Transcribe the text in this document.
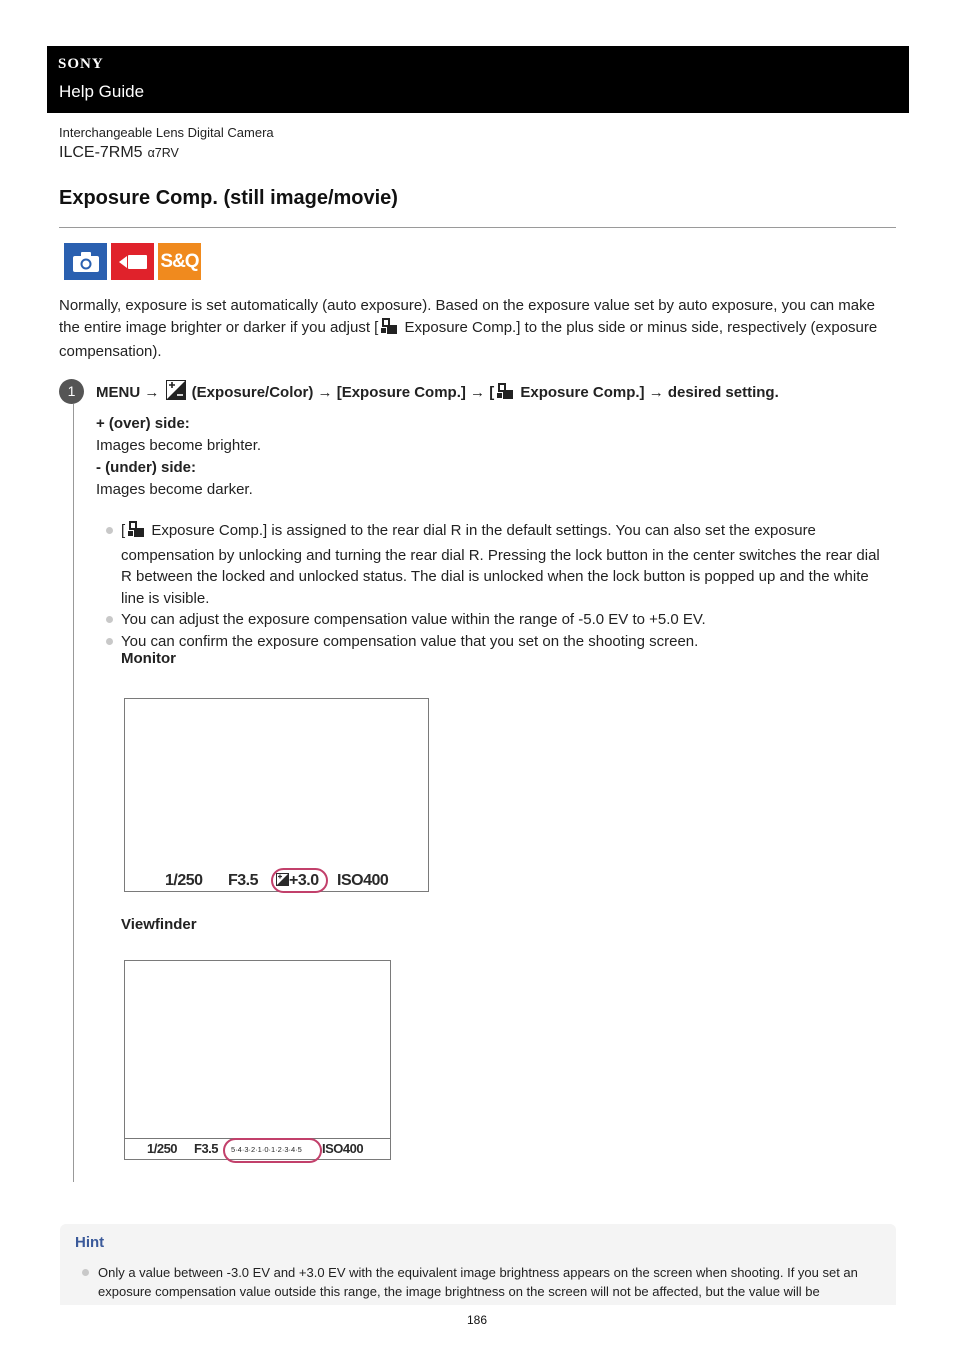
SONY
Help Guide
Interchangeable Lens Digital Camera
ILCE-7RM5 α7RV
Exposure Comp. (still image/movie)
S&Q
Normally, exposure is set automatically (auto exposure). Based on the exposure value set by auto exposure, you can make the entire image brighter or darker if you adjust [ Exposure Comp.] to the plus side or minus side, respectively (exposure compensation).
1	MENU →  (Exposure/Color) → [Exposure Comp.] → [ Exposure Comp.] → desired setting.
+ (over) side:
Images become brighter.
- (under) side:
Images become darker.
[ Exposure Comp.] is assigned to the rear dial R in the default settings. You can also set the exposure compensation by unlocking and turning the rear dial R. Pressing the lock button in the center switches the rear dial R between the locked and unlocked status. The dial is unlocked when the lock button is popped up and the white line is visible.
You can adjust the exposure compensation value within the range of -5.0 EV to +5.0 EV.
You can confirm the exposure compensation value that you set on the shooting screen.
Monitor
1/250 F3.5	+3.0 ISO400
Viewfinder
1/250 F3.5 5·4·3·2·1·0·1·2·3·4·5 ISO400
Hint
Only a value between -3.0 EV and +3.0 EV with the equivalent image brightness appears on the screen when shooting. If you set an exposure compensation value outside this range, the image brightness on the screen will not be affected, but the value will be
186
